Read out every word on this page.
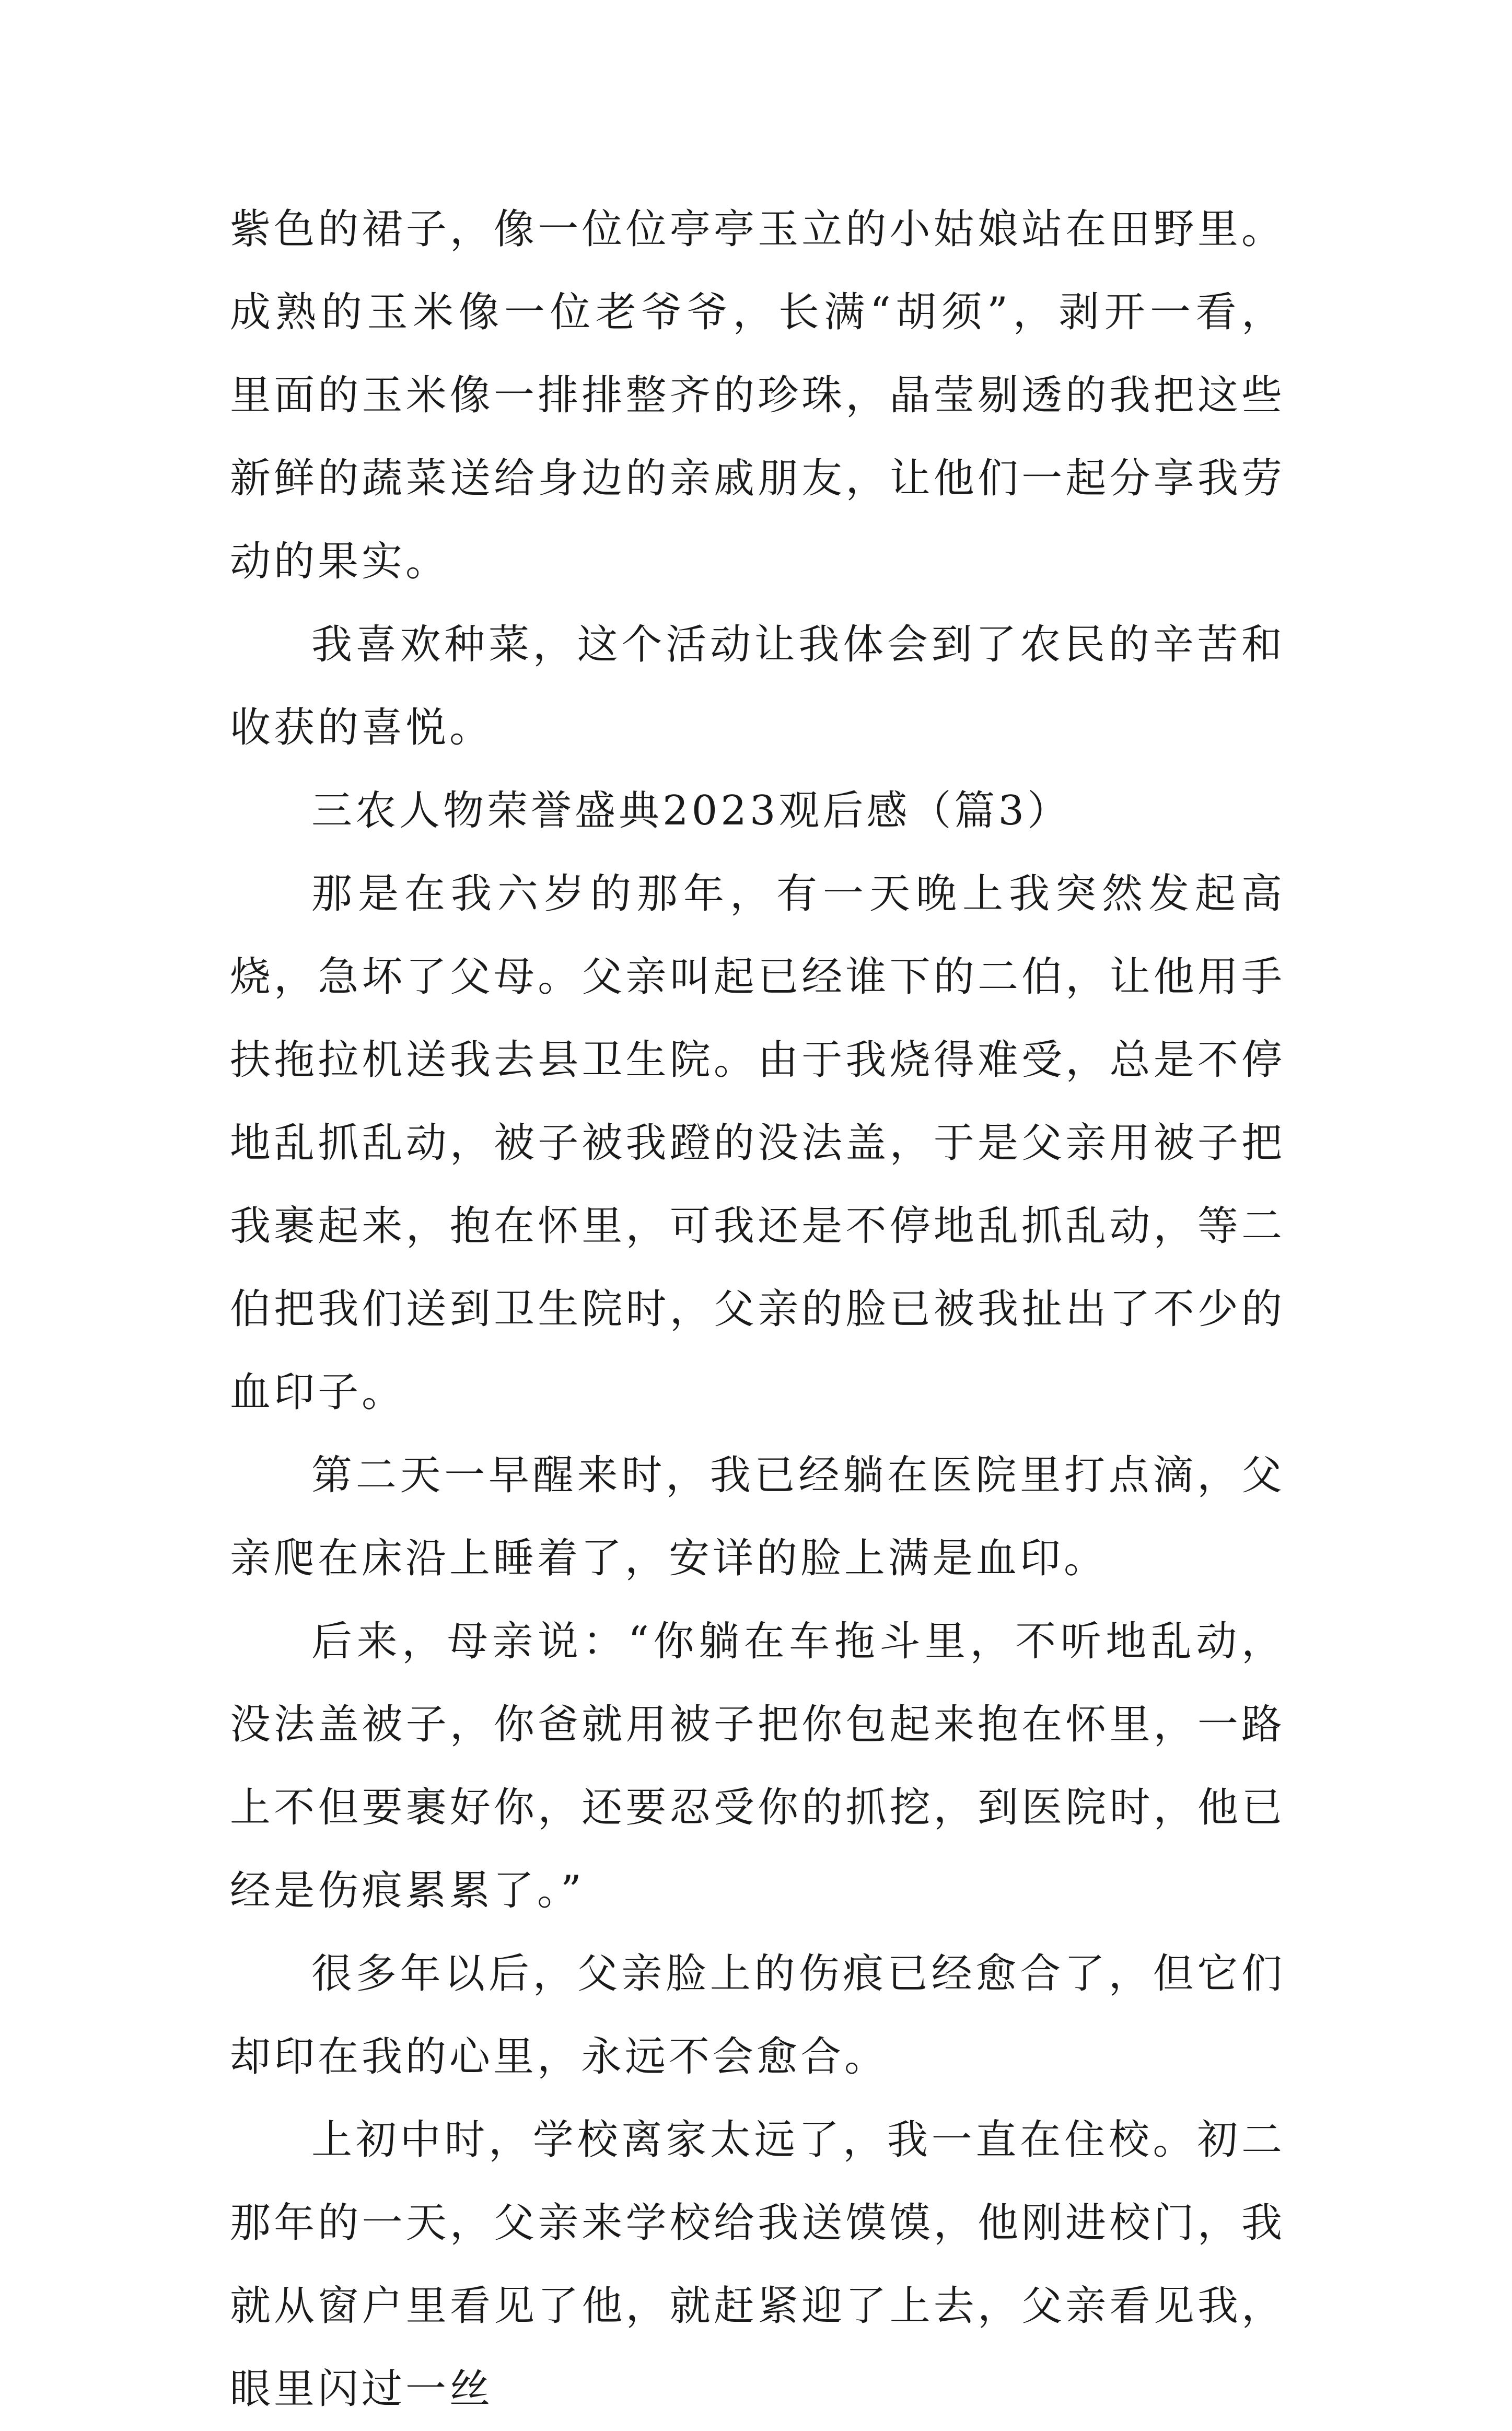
紫色的裙子，像一位位亭亭玉立的小姑娘站在田野里。成熟的玉米像一位老爷爷，长满“胡须”，剥开一看，里面的玉米像一排排整齐的珍珠，晶莹剔透的我把这些新鲜的蔬菜送给身边的亲戚朋友，让他们一起分享我劳动的果实。

我喜欢种菜，这个活动让我体会到了农民的辛苦和收获的喜悦。

三农人物荣誉盛典2023观后感（篇3）

那是在我六岁的那年，有一天晚上我突然发起高烧，急坏了父母。父亲叫起已经谁下的二伯，让他用手扶拖拉机送我去县卫生院。由于我烧得难受，总是不停地乱抓乱动，被子被我蹬的没法盖，于是父亲用被子把我裹起来，抱在怀里，可我还是不停地乱抓乱动，等二伯把我们送到卫生院时，父亲的脸已被我扯出了不少的血印子。

第二天一早醒来时，我已经躺在医院里打点滴，父亲爬在床沿上睡着了，安详的脸上满是血印。

后来，母亲说：“你躺在车拖斗里，不听地乱动，没法盖被子，你爸就用被子把你包起来抱在怀里，一路上不但要裹好你，还要忍受你的抓挖，到医院时，他已经是伤痕累累了。”

很多年以后，父亲脸上的伤痕已经愈合了，但它们却印在我的心里，永远不会愈合。

上初中时，学校离家太远了，我一直在住校。初二那年的一天，父亲来学校给我送馍馍，他刚进校门，我就从窗户里看见了他，就赶紧迎了上去，父亲看见我，眼里闪过一丝
